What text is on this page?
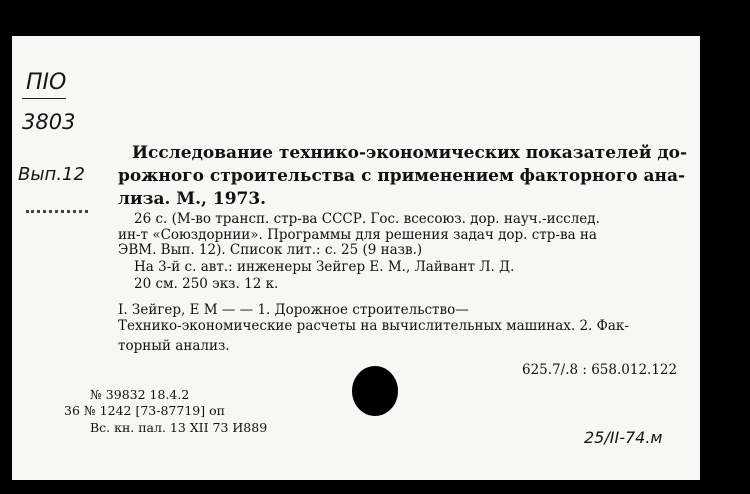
ПІО
3803
Вып.12
Исследование технико-экономических показателей до-
рожного строительства с применением факторного ана-
лиза. М., 1973.
26 с. (М-во трансп. стр-ва СССР. Гос. всесоюз. дор. науч.-исслед.
ин-т «Союздорнии». Программы для решения задач дор. стр-ва на
ЭВМ. Вып. 12). Список лит.: с. 25 (9 назв.)
На 3-й с. авт.: инженеры Зейгер Е. М., Лайвант Л. Д.
20 см. 250 экз. 12 к.
I. Зейгер, Е М — — 1. Дорожное строительство—
Технико-экономические расчеты на вычислительных машинах. 2. Фак-
торный анализ.
625.7/.8 : 658.012.122
№ 39832 18.4.2
36 № 1242 [73-87719] оп
Вс. кн. пал. 13 XII 73 И889
25/ІІ-74.м
